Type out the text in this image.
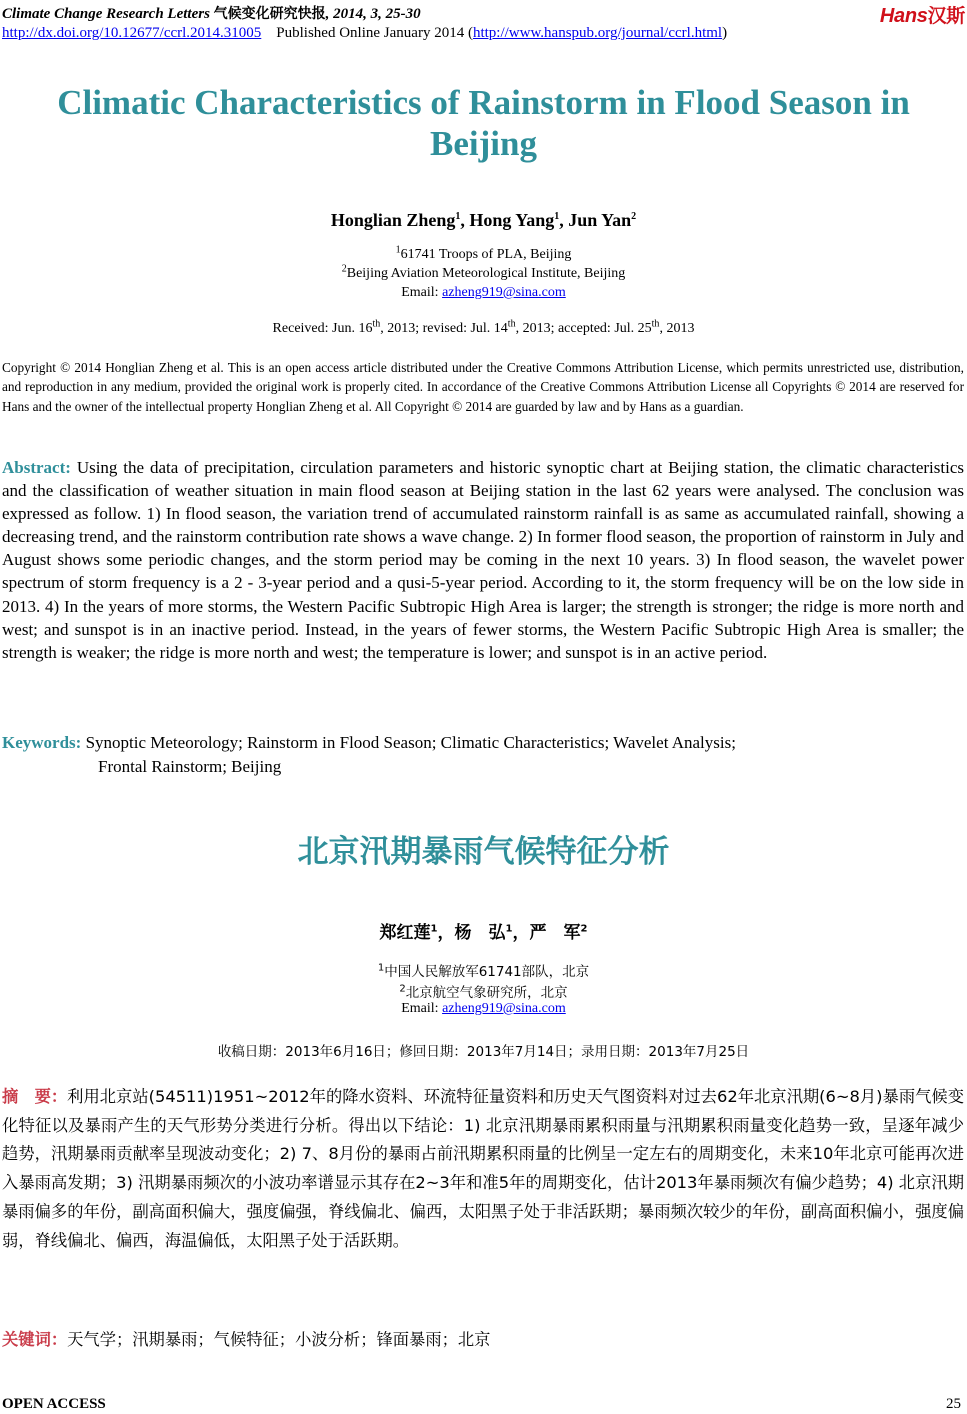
Climate Change Research Letters 气候变化研究快报, 2014, 3, 25-30	Hans汉斯
http://dx.doi.org/10.12677/ccrl.2014.31005 Published Online January 2014 (http://www.hanspub.org/journal/ccrl.html)
Climatic Characteristics of Rainstorm in Flood Season in Beijing
Honglian Zheng$^1$, Hong Yang$^1$, Jun Yan$^2$
$^1$61741 Troops of PLA, Beijing
$^2$Beijing Aviation Meteorological Institute, Beijing
Email: azheng919@sina.com
Received: Jun. 16th, 2013; revised: Jul. 14th, 2013; accepted: Jul. 25th, 2013
Copyright © 2014 Honglian Zheng et al. This is an open access article distributed under the Creative Commons Attribution License, which permits unrestricted use, distribution, and reproduction in any medium, provided the original work is properly cited. In accordance of the Creative Commons Attribution License all Copyrights © 2014 are reserved for Hans and the owner of the intellectual property Honglian Zheng et al. All Copyright © 2014 are guarded by law and by Hans as a guardian.
Abstract: Using the data of precipitation, circulation parameters and historic synoptic chart at Beijing station, the climatic characteristics and the classification of weather situation in main flood season at Beijing station in the last 62 years were analysed. The conclusion was expressed as follow. 1) In flood season, the variation trend of accumulated rainstorm rainfall is as same as accumulated rainfall, showing a decreasing trend, and the rainstorm contribution rate shows a wave change. 2) In former flood season, the proportion of rainstorm in July and August shows some periodic changes, and the storm period may be coming in the next 10 years. 3) In flood season, the wavelet power spectrum of storm frequency is a 2 - 3-year period and a qusi-5-year period. According to it, the storm frequency will be on the low side in 2013. 4) In the years of more storms, the Western Pacific Subtropic High Area is larger; the strength is stronger; the ridge is more north and west; and sunspot is in an inactive period. Instead, in the years of fewer storms, the Western Pacific Subtropic High Area is smaller; the strength is weaker; the ridge is more north and west; the temperature is lower; and sunspot is in an active period.
Keywords: Synoptic Meteorology; Rainstorm in Flood Season; Climatic Characteristics; Wavelet Analysis;
Frontal Rainstorm; Beijing
北京汛期暴雨气候特征分析
郑红莲$^1$，杨　弘$^1$，严　军$^2$
$^1$中国人民解放军61741部队，北京
$^2$北京航空气象研究所，北京
Email: azheng919@sina.com
收稿日期：2013年6月16日；修回日期：2013年7月14日；录用日期：2013年7月25日
摘　要：利用北京站(54511)1951~2012年的降水资料、环流特征量资料和历史天气图资料对过去62年北京汛期(6~8月)暴雨气候变化特征以及暴雨产生的天气形势分类进行分析。得出以下结论：1) 北京汛期暴雨累积雨量与汛期累积雨量变化趋势一致，呈逐年减少趋势，汛期暴雨贡献率呈现波动变化；2) 7、8月份的暴雨占前汛期累积雨量的比例呈一定左右的周期变化，未来10年北京可能再次进入暴雨高发期；3) 汛期暴雨频次的小波功率谱显示其存在2~3年和准5年的周期变化，估计2013年暴雨频次有偏少趋势；4) 北京汛期暴雨偏多的年份，副高面积偏大，强度偏强，脊线偏北、偏西，太阳黑子处于非活跃期；暴雨频次较少的年份，副高面积偏小，强度偏弱，脊线偏北、偏西，海温偏低，太阳黑子处于活跃期。
关键词：天气学；汛期暴雨；气候特征；小波分析；锋面暴雨；北京
OPEN ACCESS	25
